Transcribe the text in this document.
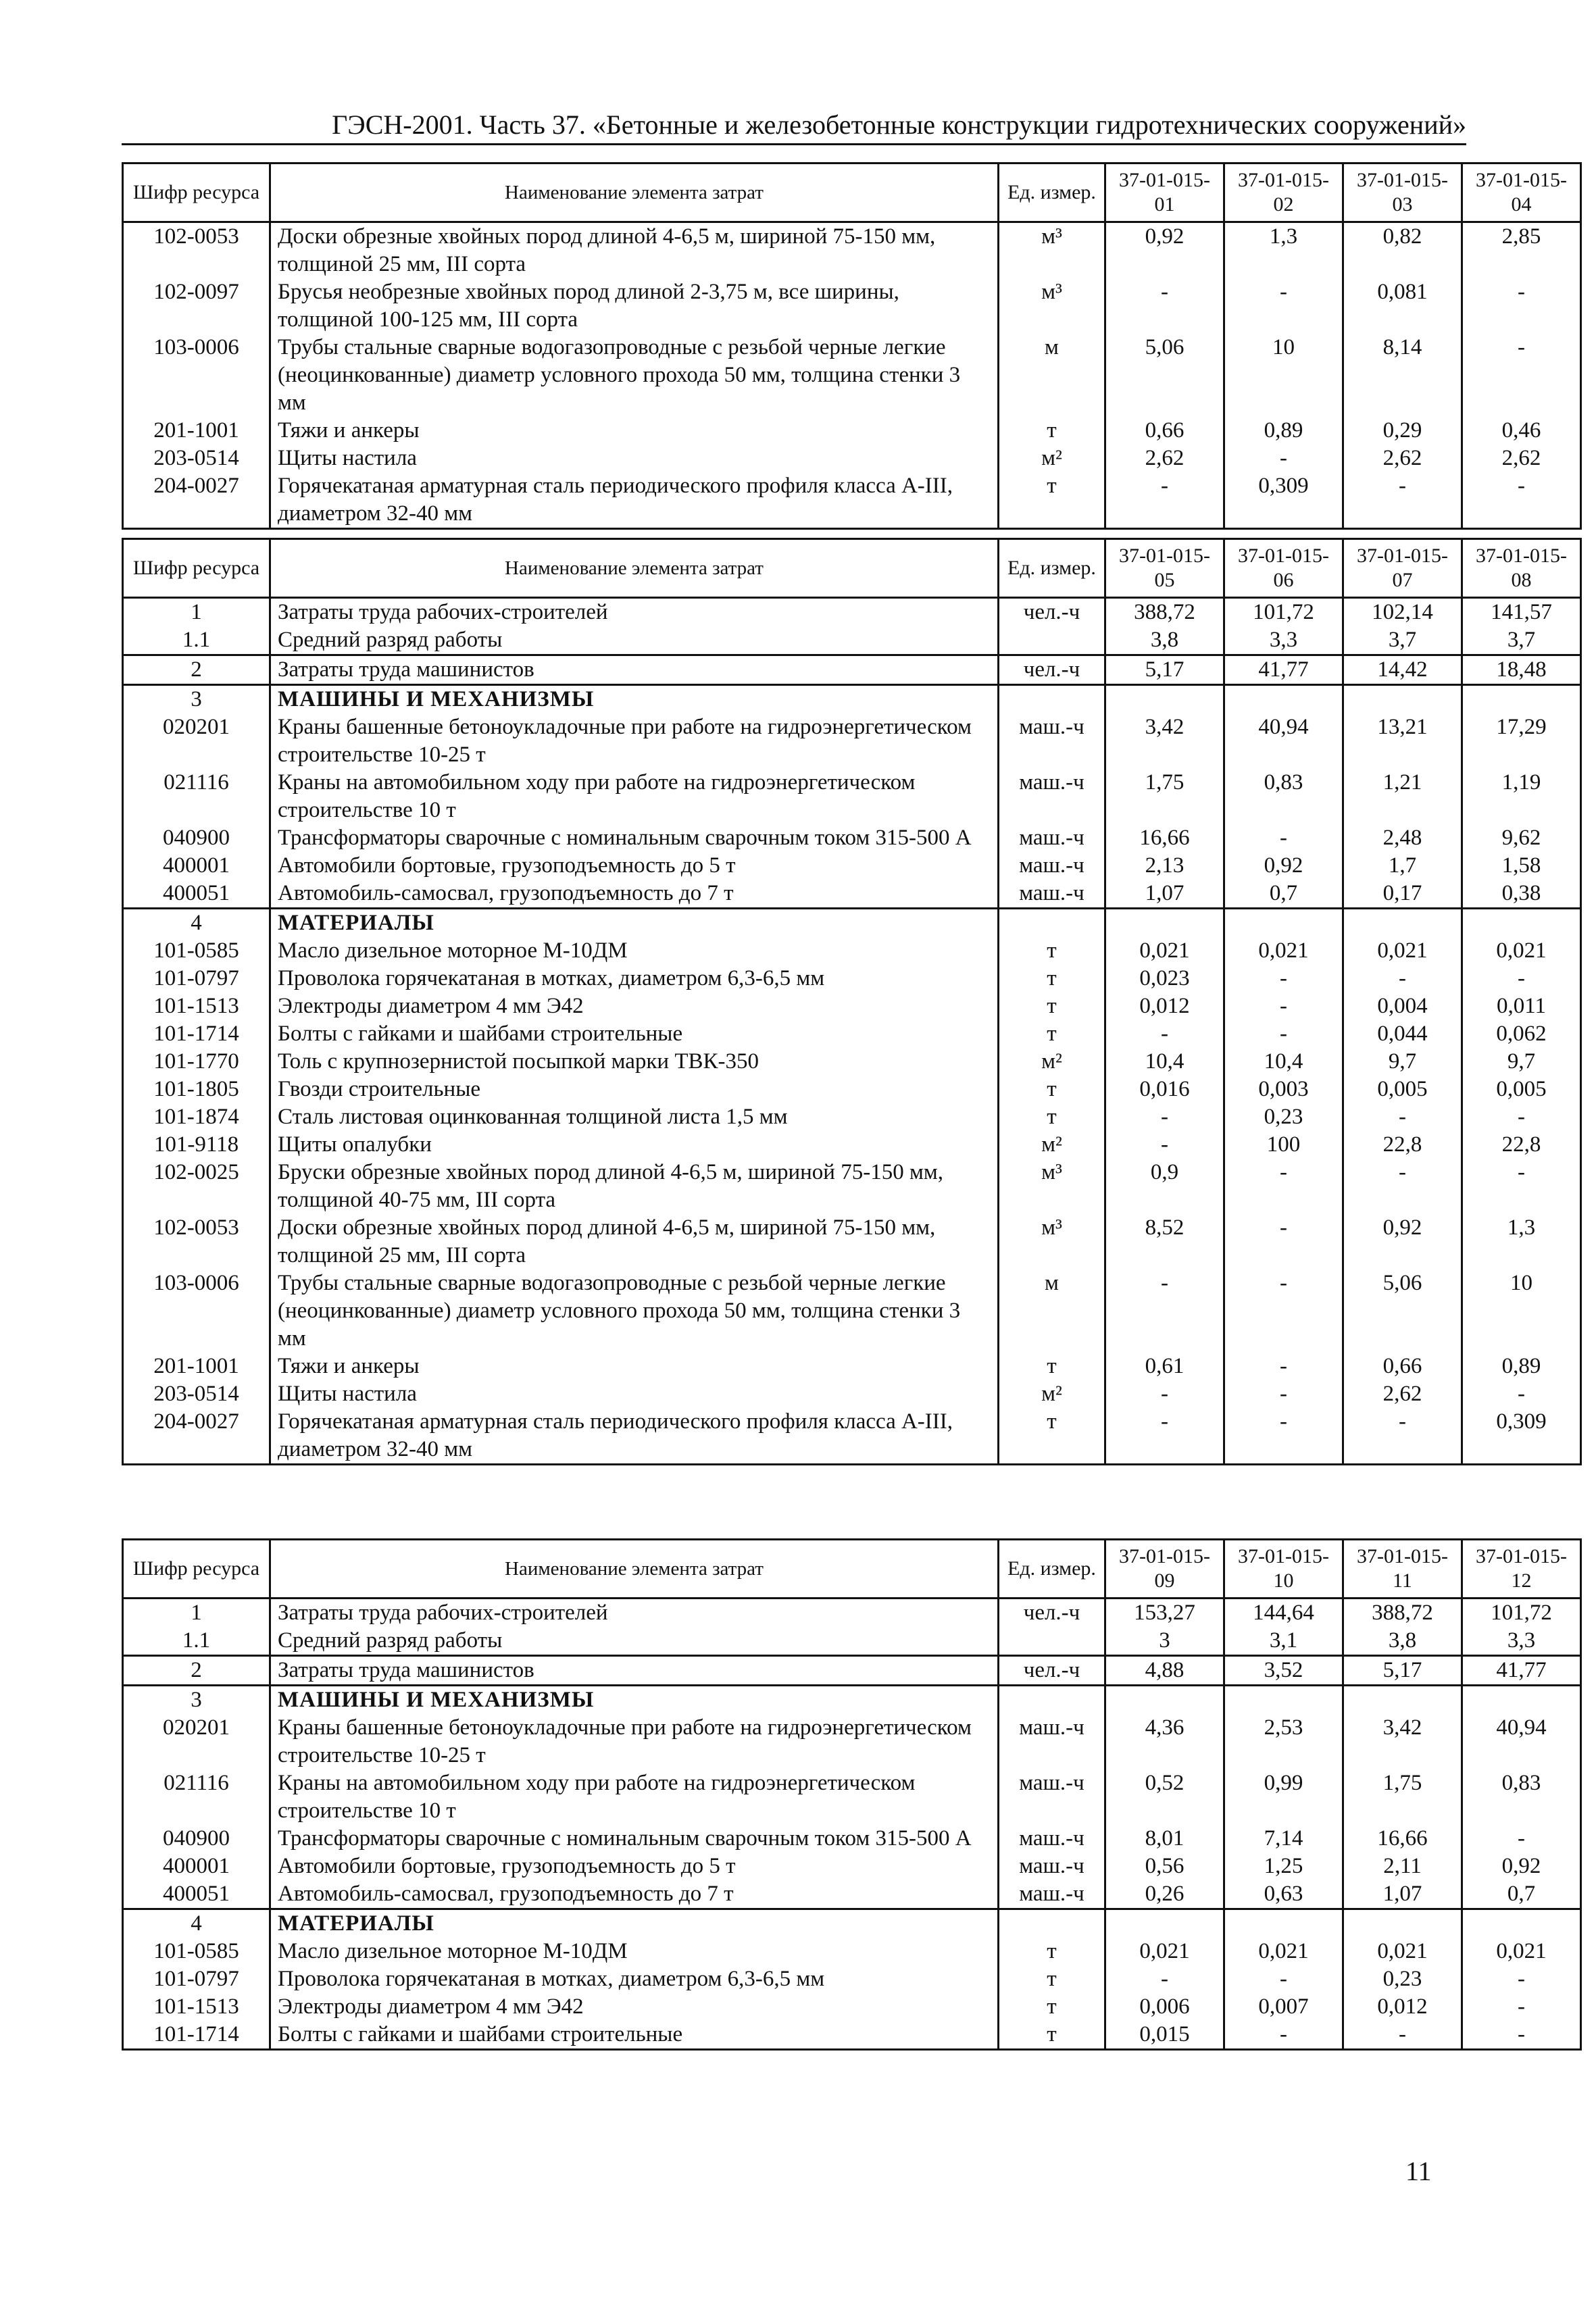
ГЭСН-2001. Часть 37. «Бетонные и железобетонные конструкции гидротехнических сооружений»
Шифр ресурса	Наименование элемента затрат	Ед. измер.	37-01-015-01	37-01-015-02	37-01-015-03	37-01-015-04
102-0053	Доски обрезные хвойных пород длиной 4-6,5 м, шириной 75-150 мм, толщиной 25 мм, III сорта	м³	0,92	1,3	0,82	2,85
102-0097	Брусья необрезные хвойных пород длиной 2-3,75 м, все ширины, толщиной 100-125 мм, III сорта	м³	-	-	0,081	-
103-0006	Трубы стальные сварные водогазопроводные с резьбой черные легкие (неоцинкованные) диаметр условного прохода 50 мм, толщина стенки 3 мм	м	5,06	10	8,14	-
201-1001	Тяжи и анкеры	т	0,66	0,89	0,29	0,46
203-0514	Щиты настила	м²	2,62	-	2,62	2,62
204-0027	Горячекатаная арматурная сталь периодического профиля класса А-III, диаметром 32-40 мм	т	-	0,309	-	-
Шифр ресурса	Наименование элемента затрат	Ед. измер.	37-01-015-05	37-01-015-06	37-01-015-07	37-01-015-08
1	Затраты труда рабочих-строителей	чел.-ч	388,72	101,72	102,14	141,57
1.1	Средний разряд работы		3,8	3,3	3,7	3,7
2	Затраты труда машинистов	чел.-ч	5,17	41,77	14,42	18,48
3	МАШИНЫ И МЕХАНИЗМЫ					
020201	Краны башенные бетоноукладочные при работе на гидроэнергетическом строительстве 10-25 т	маш.-ч	3,42	40,94	13,21	17,29
021116	Краны на автомобильном ходу при работе на гидроэнергетическом строительстве 10 т	маш.-ч	1,75	0,83	1,21	1,19
040900	Трансформаторы сварочные с номинальным сварочным током 315-500 А	маш.-ч	16,66	-	2,48	9,62
400001	Автомобили бортовые, грузоподъемность до 5 т	маш.-ч	2,13	0,92	1,7	1,58
400051	Автомобиль-самосвал, грузоподъемность до 7 т	маш.-ч	1,07	0,7	0,17	0,38
4	МАТЕРИАЛЫ					
101-0585	Масло дизельное моторное М-10ДМ	т	0,021	0,021	0,021	0,021
101-0797	Проволока горячекатаная в мотках, диаметром 6,3-6,5 мм	т	0,023	-	-	-
101-1513	Электроды диаметром 4 мм Э42	т	0,012	-	0,004	0,011
101-1714	Болты с гайками и шайбами строительные	т	-	-	0,044	0,062
101-1770	Толь с крупнозернистой посыпкой марки ТВК-350	м²	10,4	10,4	9,7	9,7
101-1805	Гвозди строительные	т	0,016	0,003	0,005	0,005
101-1874	Сталь листовая оцинкованная толщиной листа 1,5 мм	т	-	0,23	-	-
101-9118	Щиты опалубки	м²	-	100	22,8	22,8
102-0025	Бруски обрезные хвойных пород длиной 4-6,5 м, шириной 75-150 мм, толщиной 40-75 мм, III сорта	м³	0,9	-	-	-
102-0053	Доски обрезные хвойных пород длиной 4-6,5 м, шириной 75-150 мм, толщиной 25 мм, III сорта	м³	8,52	-	0,92	1,3
103-0006	Трубы стальные сварные водогазопроводные с резьбой черные легкие (неоцинкованные) диаметр условного прохода 50 мм, толщина стенки 3 мм	м	-	-	5,06	10
201-1001	Тяжи и анкеры	т	0,61	-	0,66	0,89
203-0514	Щиты настила	м²	-	-	2,62	-
204-0027	Горячекатаная арматурная сталь периодического профиля класса А-III, диаметром 32-40 мм	т	-	-	-	0,309
Шифр ресурса	Наименование элемента затрат	Ед. измер.	37-01-015-09	37-01-015-10	37-01-015-11	37-01-015-12
1	Затраты труда рабочих-строителей	чел.-ч	153,27	144,64	388,72	101,72
1.1	Средний разряд работы		3	3,1	3,8	3,3
2	Затраты труда машинистов	чел.-ч	4,88	3,52	5,17	41,77
3	МАШИНЫ И МЕХАНИЗМЫ					
020201	Краны башенные бетоноукладочные при работе на гидроэнергетическом строительстве 10-25 т	маш.-ч	4,36	2,53	3,42	40,94
021116	Краны на автомобильном ходу при работе на гидроэнергетическом строительстве 10 т	маш.-ч	0,52	0,99	1,75	0,83
040900	Трансформаторы сварочные с номинальным сварочным током 315-500 А	маш.-ч	8,01	7,14	16,66	-
400001	Автомобили бортовые, грузоподъемность до 5 т	маш.-ч	0,56	1,25	2,11	0,92
400051	Автомобиль-самосвал, грузоподъемность до 7 т	маш.-ч	0,26	0,63	1,07	0,7
4	МАТЕРИАЛЫ					
101-0585	Масло дизельное моторное М-10ДМ	т	0,021	0,021	0,021	0,021
101-0797	Проволока горячекатаная в мотках, диаметром 6,3-6,5 мм	т	-	-	0,23	-
101-1513	Электроды диаметром 4 мм Э42	т	0,006	0,007	0,012	-
101-1714	Болты с гайками и шайбами строительные	т	0,015	-	-	-
11
